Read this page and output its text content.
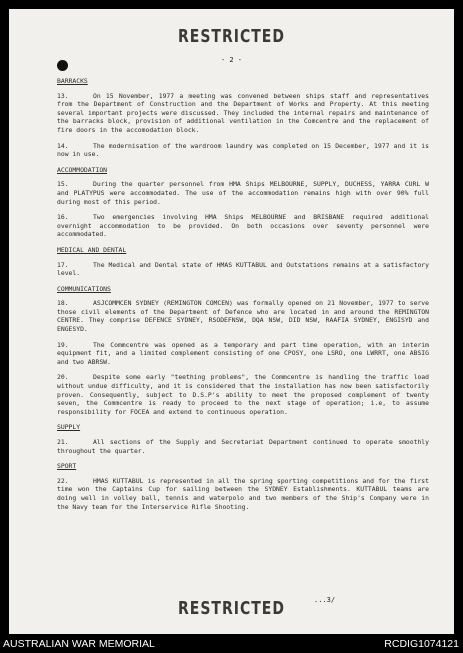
RESTRICTED
- 2 -

BARRACKS

13.	On 15 November, 1977 a meeting was convened between ships staff and representatives from the Department of Construction and the Department of Works and Property. At this meeting several important projects were discussed. They included the internal repairs and maintenance of the barracks block, provision of additional ventilation in the Comcentre and the replacement of fire doors in the accomodation block.

14.	The modernisation of the wardroom laundry was completed on 15 December, 1977 and it is now in use.

ACCOMMODATION

15.	During the quarter personnel from HMA Ships MELBOURNE, SUPPLY, DUCHESS, YARRA CURL W and PLATYPUS were accommodated. The use of the accommodation remains high with over 90% full during most of this period.

16.	Two emergencies involving HMA Ships MELBOURNE and BRISBANE required additional overnight accommodation to be provided. On both occasions over seventy personnel were accommodated.

MEDICAL AND DENTAL

17.	The Medical and Dental state of HMAS KUTTABUL and Outstations remains at a satisfactory level.

COMMUNICATIONS

18.	ASJCOMMCEN SYDNEY (REMINGTON COMCEN) was formally opened on 21 November, 1977 to serve those civil elements of the Department of Defence who are located in and around the REMINGTON CENTRE. They comprise DEFENCE SYDNEY, RSODEFNSW, DQA NSW, DID NSW, RAAFIA SYDNEY, ENGISYD and ENGESYD.

19.	The Commcentre was opened as a temporary and part time operation, with an interim equipment fit, and a limited complement consisting of one CPOSY, one LSRO, one LWRRT, one ABSIG and two ABRSW.

20.	Despite some early "teething problems", the Commcentre is handling the traffic load without undue difficulty, and it is considered that the installation has now been satisfactorily proven. Consequently, subject to D.S.P's ability to meet the proposed complement of twenty seven, the Commcentre is ready to proceed to the next stage of operation; i.e, to assume responsibility for FOCEA and extend to continuous operation.

SUPPLY

21.	All sections of the Supply and Secretariat Department continued to operate smoothly throughout the quarter.

SPORT

22.	HMAS KUTTABUL is represented in all the spring sporting competitions and for the first time won the Captains Cup for sailing between the SYDNEY Establishments. KUTTABUL teams are doing well in volley ball, tennis and waterpolo and two members of the Ship's Company were in the Navy team for the Interservice Rifle Shooting.

...3/
RESTRICTED
AUSTRALIAN WAR MEMORIAL	RCDIG1074121
